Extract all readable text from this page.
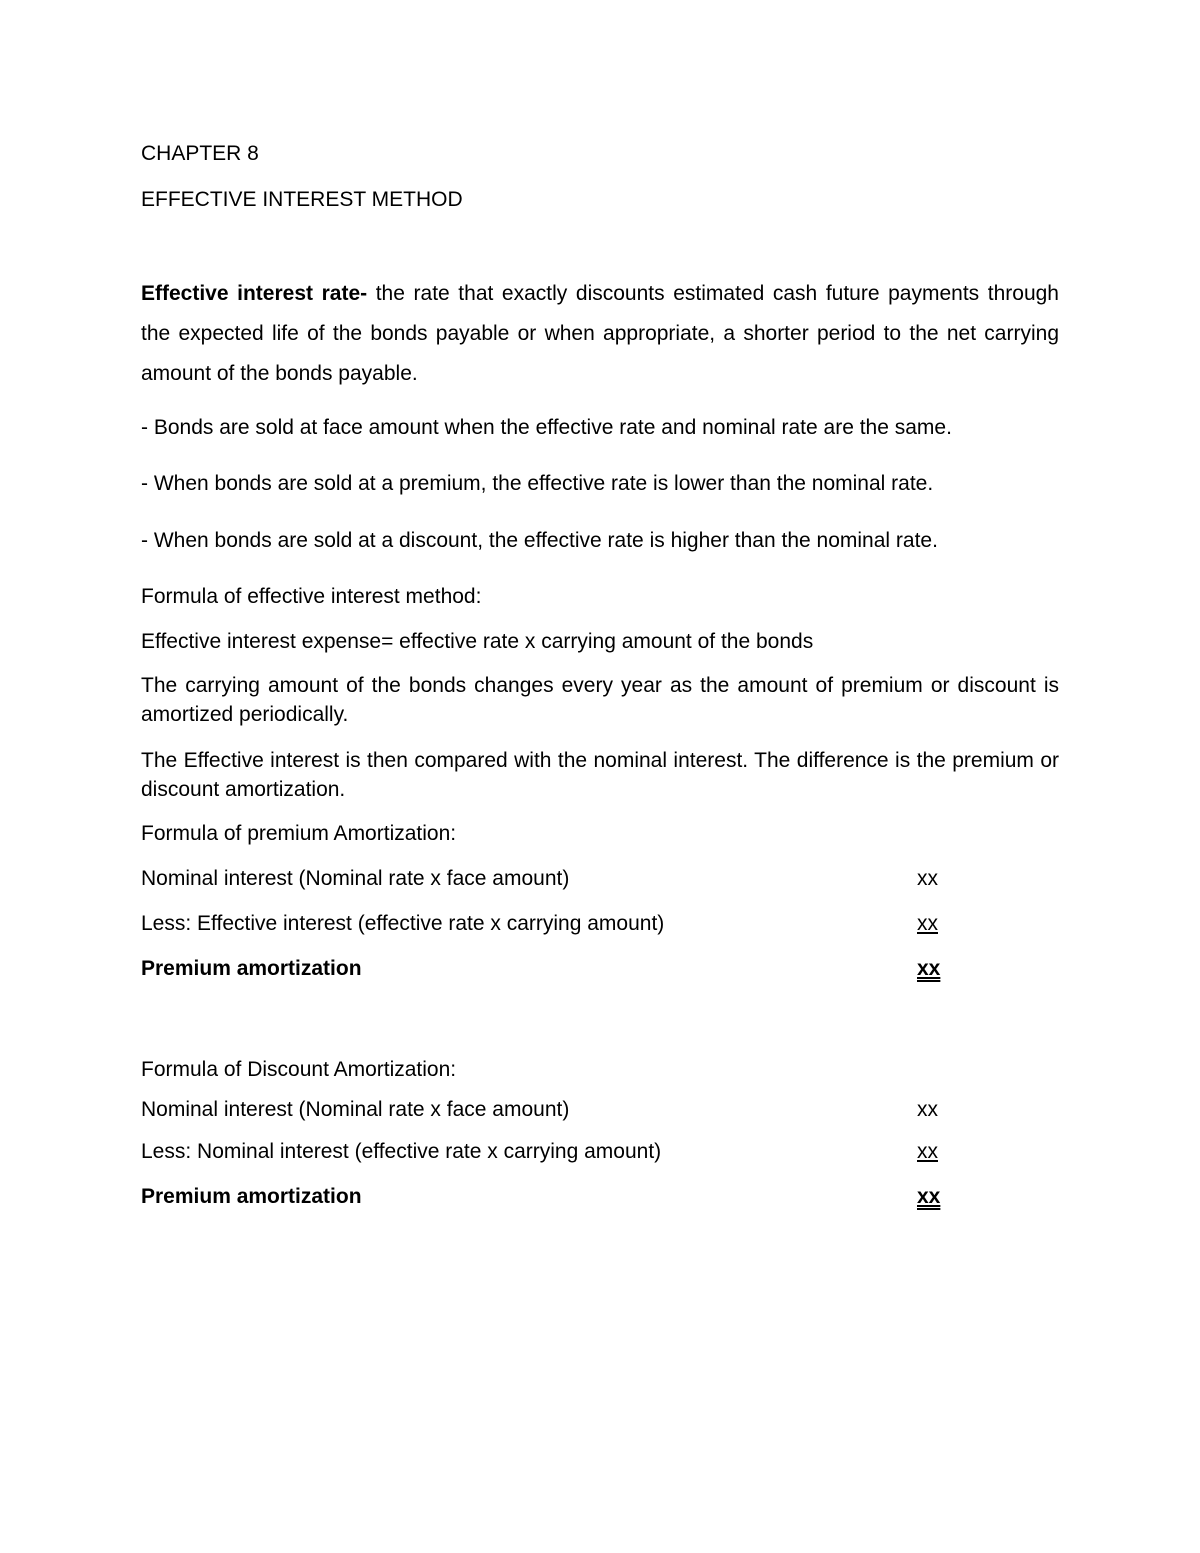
CHAPTER 8
EFFECTIVE INTEREST METHOD

Effective interest rate- the rate that exactly discounts estimated cash future payments through the expected life of the bonds payable or when appropriate, a shorter period to the net carrying amount of the bonds payable.

- Bonds are sold at face amount when the effective rate and nominal rate are the same.

- When bonds are sold at a premium, the effective rate is lower than the nominal rate.

- When bonds are sold at a discount, the effective rate is higher than the nominal rate.

Formula of effective interest method:

Effective interest expense= effective rate x carrying amount of the bonds

The carrying amount of the bonds changes every year as the amount of premium or discount is amortized periodically.

The Effective interest is then compared with the nominal interest. The difference is the premium or discount amortization.

Formula of premium Amortization:

Nominal interest (Nominal rate x face amount)	xx
Less: Effective interest (effective rate x carrying amount)	xx
Premium amortization	xx

Formula of Discount Amortization:

Nominal interest (Nominal rate x face amount)	xx
Less: Nominal interest (effective rate x carrying amount)	xx
Premium amortization	xx
